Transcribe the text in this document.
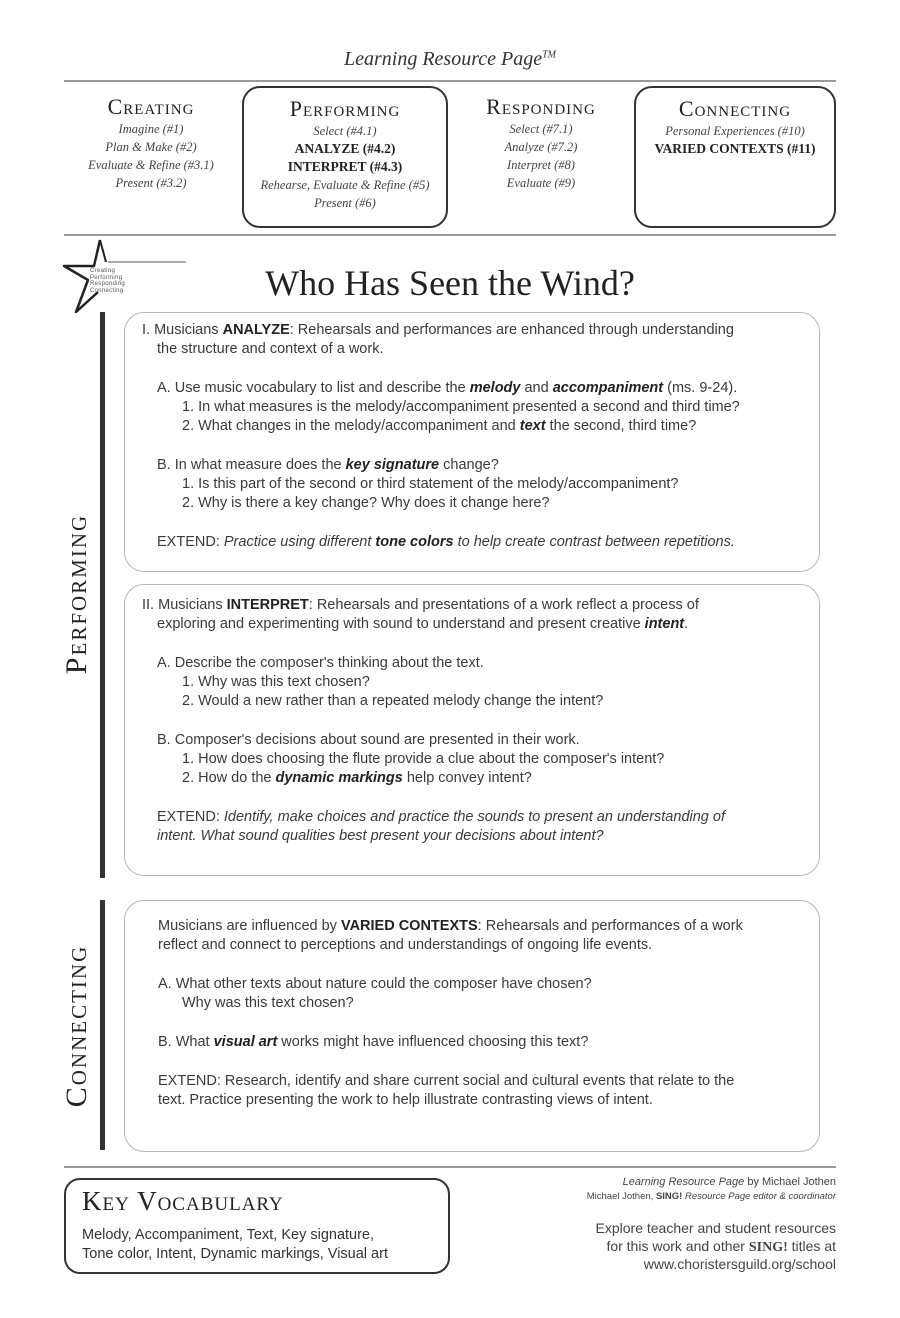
Learning Resource Page™
Creating
Imagine (#1)
Plan & Make (#2)
Evaluate & Refine (#3.1)
Present (#3.2)
Performing
Select (#4.1)
ANALYZE (#4.2)
INTERPRET (#4.3)
Rehearse, Evaluate & Refine (#5)
Present (#6)
Responding
Select (#7.1)
Analyze (#7.2)
Interpret (#8)
Evaluate (#9)
Connecting
Personal Experiences (#10)
VARIED CONTEXTS (#11)
Creating
Performing
Responding
Connecting	Who Has Seen the Wind?
Performing
Connecting
I. Musicians ANALYZE: Rehearsals and performances are enhanced through understanding
the structure and context of a work.
A. Use music vocabulary to list and describe the melody and accompaniment (ms. 9-24).
1. In what measures is the melody/accompaniment presented a second and third time?
2. What changes in the melody/accompaniment and text the second, third time?
B. In what measure does the key signature change?
1. Is this part of the second or third statement of the melody/accompaniment?
2. Why is there a key change? Why does it change here?
EXTEND: Practice using different tone colors to help create contrast between repetitions.
II. Musicians INTERPRET: Rehearsals and presentations of a work reflect a process of
exploring and experimenting with sound to understand and present creative intent.
A. Describe the composer's thinking about the text.
1. Why was this text chosen?
2. Would a new rather than a repeated melody change the intent?
B. Composer's decisions about sound are presented in their work.
1. How does choosing the flute provide a clue about the composer's intent?
2. How do the dynamic markings help convey intent?
EXTEND: Identify, make choices and practice the sounds to present an understanding of
intent. What sound qualities best present your decisions about intent?
Musicians are influenced by VARIED CONTEXTS: Rehearsals and performances of a work
reflect and connect to perceptions and understandings of ongoing life events.
A. What other texts about nature could the composer have chosen?
Why was this text chosen?
B. What visual art works might have influenced choosing this text?
EXTEND: Research, identify and share current social and cultural events that relate to the
text. Practice presenting the work to help illustrate contrasting views of intent.
Key Vocabulary
Melody, Accompaniment, Text, Key signature,
Tone color, Intent, Dynamic markings, Visual art
Learning Resource Page by Michael Jothen
Michael Jothen, SING! Resource Page editor & coordinator
Explore teacher and student resources
for this work and other SING! titles at
www.choristersguild.org/school
